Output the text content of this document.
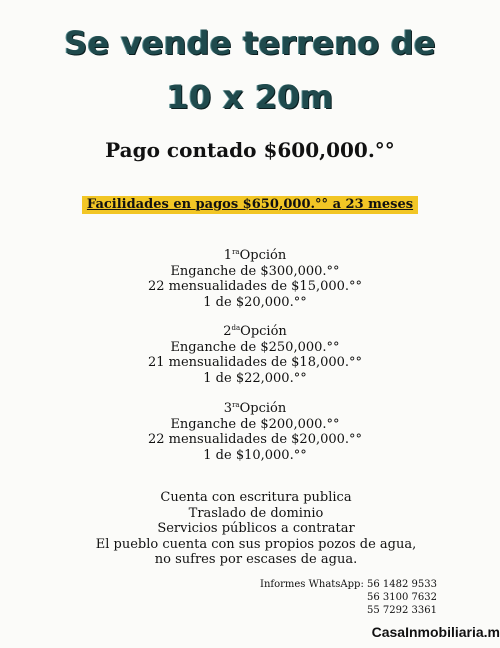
Se vende terreno de
10 x 20m
Pago contado $600,000.°°
Facilidades en pagos $650,000.°° a 23 meses
$1^{ra}Opción$
Enganche de $300,000.°°
22 mensualidades de $15,000.°°
1 de $20,000.°°
$2^{da}Opción$
Enganche de $250,000.°°
21 mensualidades de $18,000.°°
1 de $22,000.°°
$3^{ra}Opción$
Enganche de $200,000.°°
22 mensualidades de $20,000.°°
1 de $10,000.°°
Cuenta con escritura publica
Traslado de dominio
Servicios públicos a contratar
El pueblo cuenta con sus propios pozos de agua,
no sufres por escases de agua.
Informes WhatsApp: 56 1482 9533
56 3100 7632
55 7292 3361
CasaInmobiliaria.m
